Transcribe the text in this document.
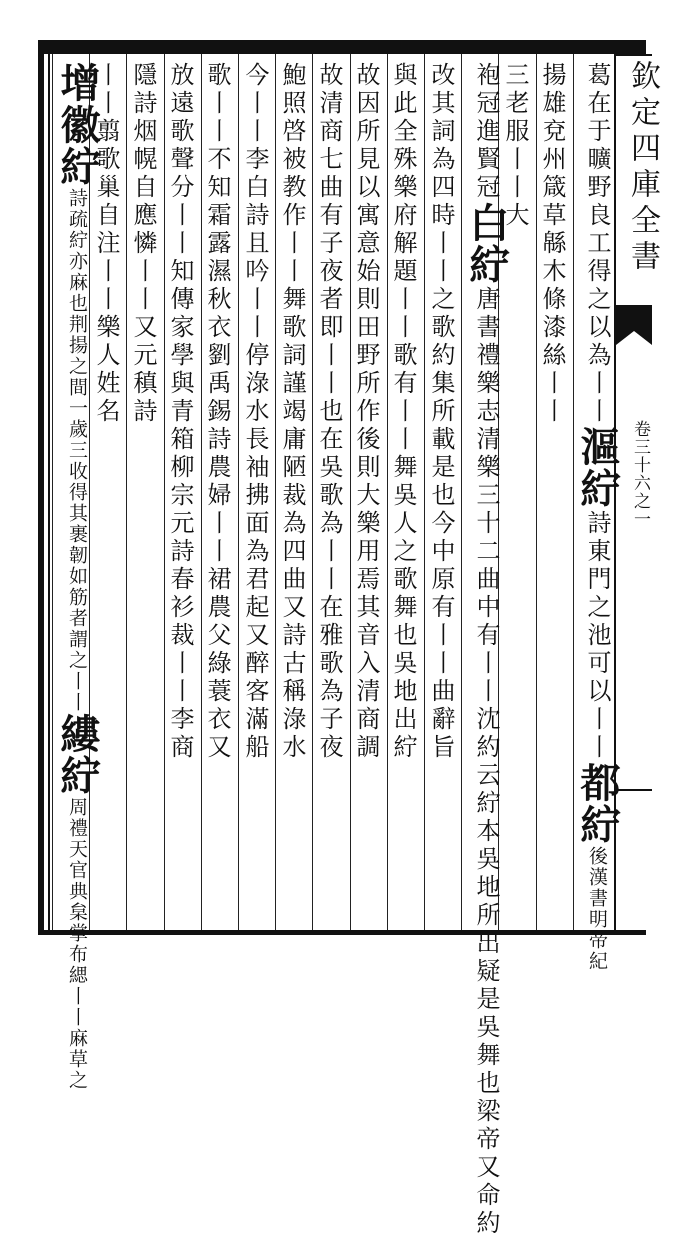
欽定四庫全書
卷三十六之一
葛在于曠野良工得之以為丨丨漚紵詩東門之池可以丨丨都紵後漢書明帝紀
揚雄兗州箴草緜木條漆絲丨丨
三老服丨丨大
袍冠進賢冠白紵唐書禮樂志清樂三十二曲中有丨丨沈約云紵本吳地所出疑是吳舞也梁帝又命約
改其詞為四時丨丨之歌約集所載是也今中原有丨丨曲辭旨
與此全殊樂府解題丨丨歌有丨丨舞吳人之歌舞也吳地出紵
故因所見以寓意始則田野所作後則大樂用焉其音入清商調
故清商七曲有子夜者即丨丨也在吳歌為丨丨在雅歌為子夜
鮑照啓被教作丨丨舞歌詞謹竭庸陋裁為四曲又詩古稱淥水
今丨丨李白詩且吟丨丨停淥水長袖拂面為君起又醉客滿船
歌丨丨不知霜露濕秋衣劉禹錫詩農婦丨丨裙農父綠蓑衣又
放遠歌聲分丨丨知傳家學與青箱柳宗元詩春衫裁丨丨李商
隱詩烟幌自應憐丨丨又元稹詩
丨丨翦歌巢自注丨丨樂人姓名
增徽紵詩疏紵亦麻也荆揚之間一歲三收得其裹韌如筋者謂之丨丨縷紵周禮天官典枲掌布緦丨丨麻草之
